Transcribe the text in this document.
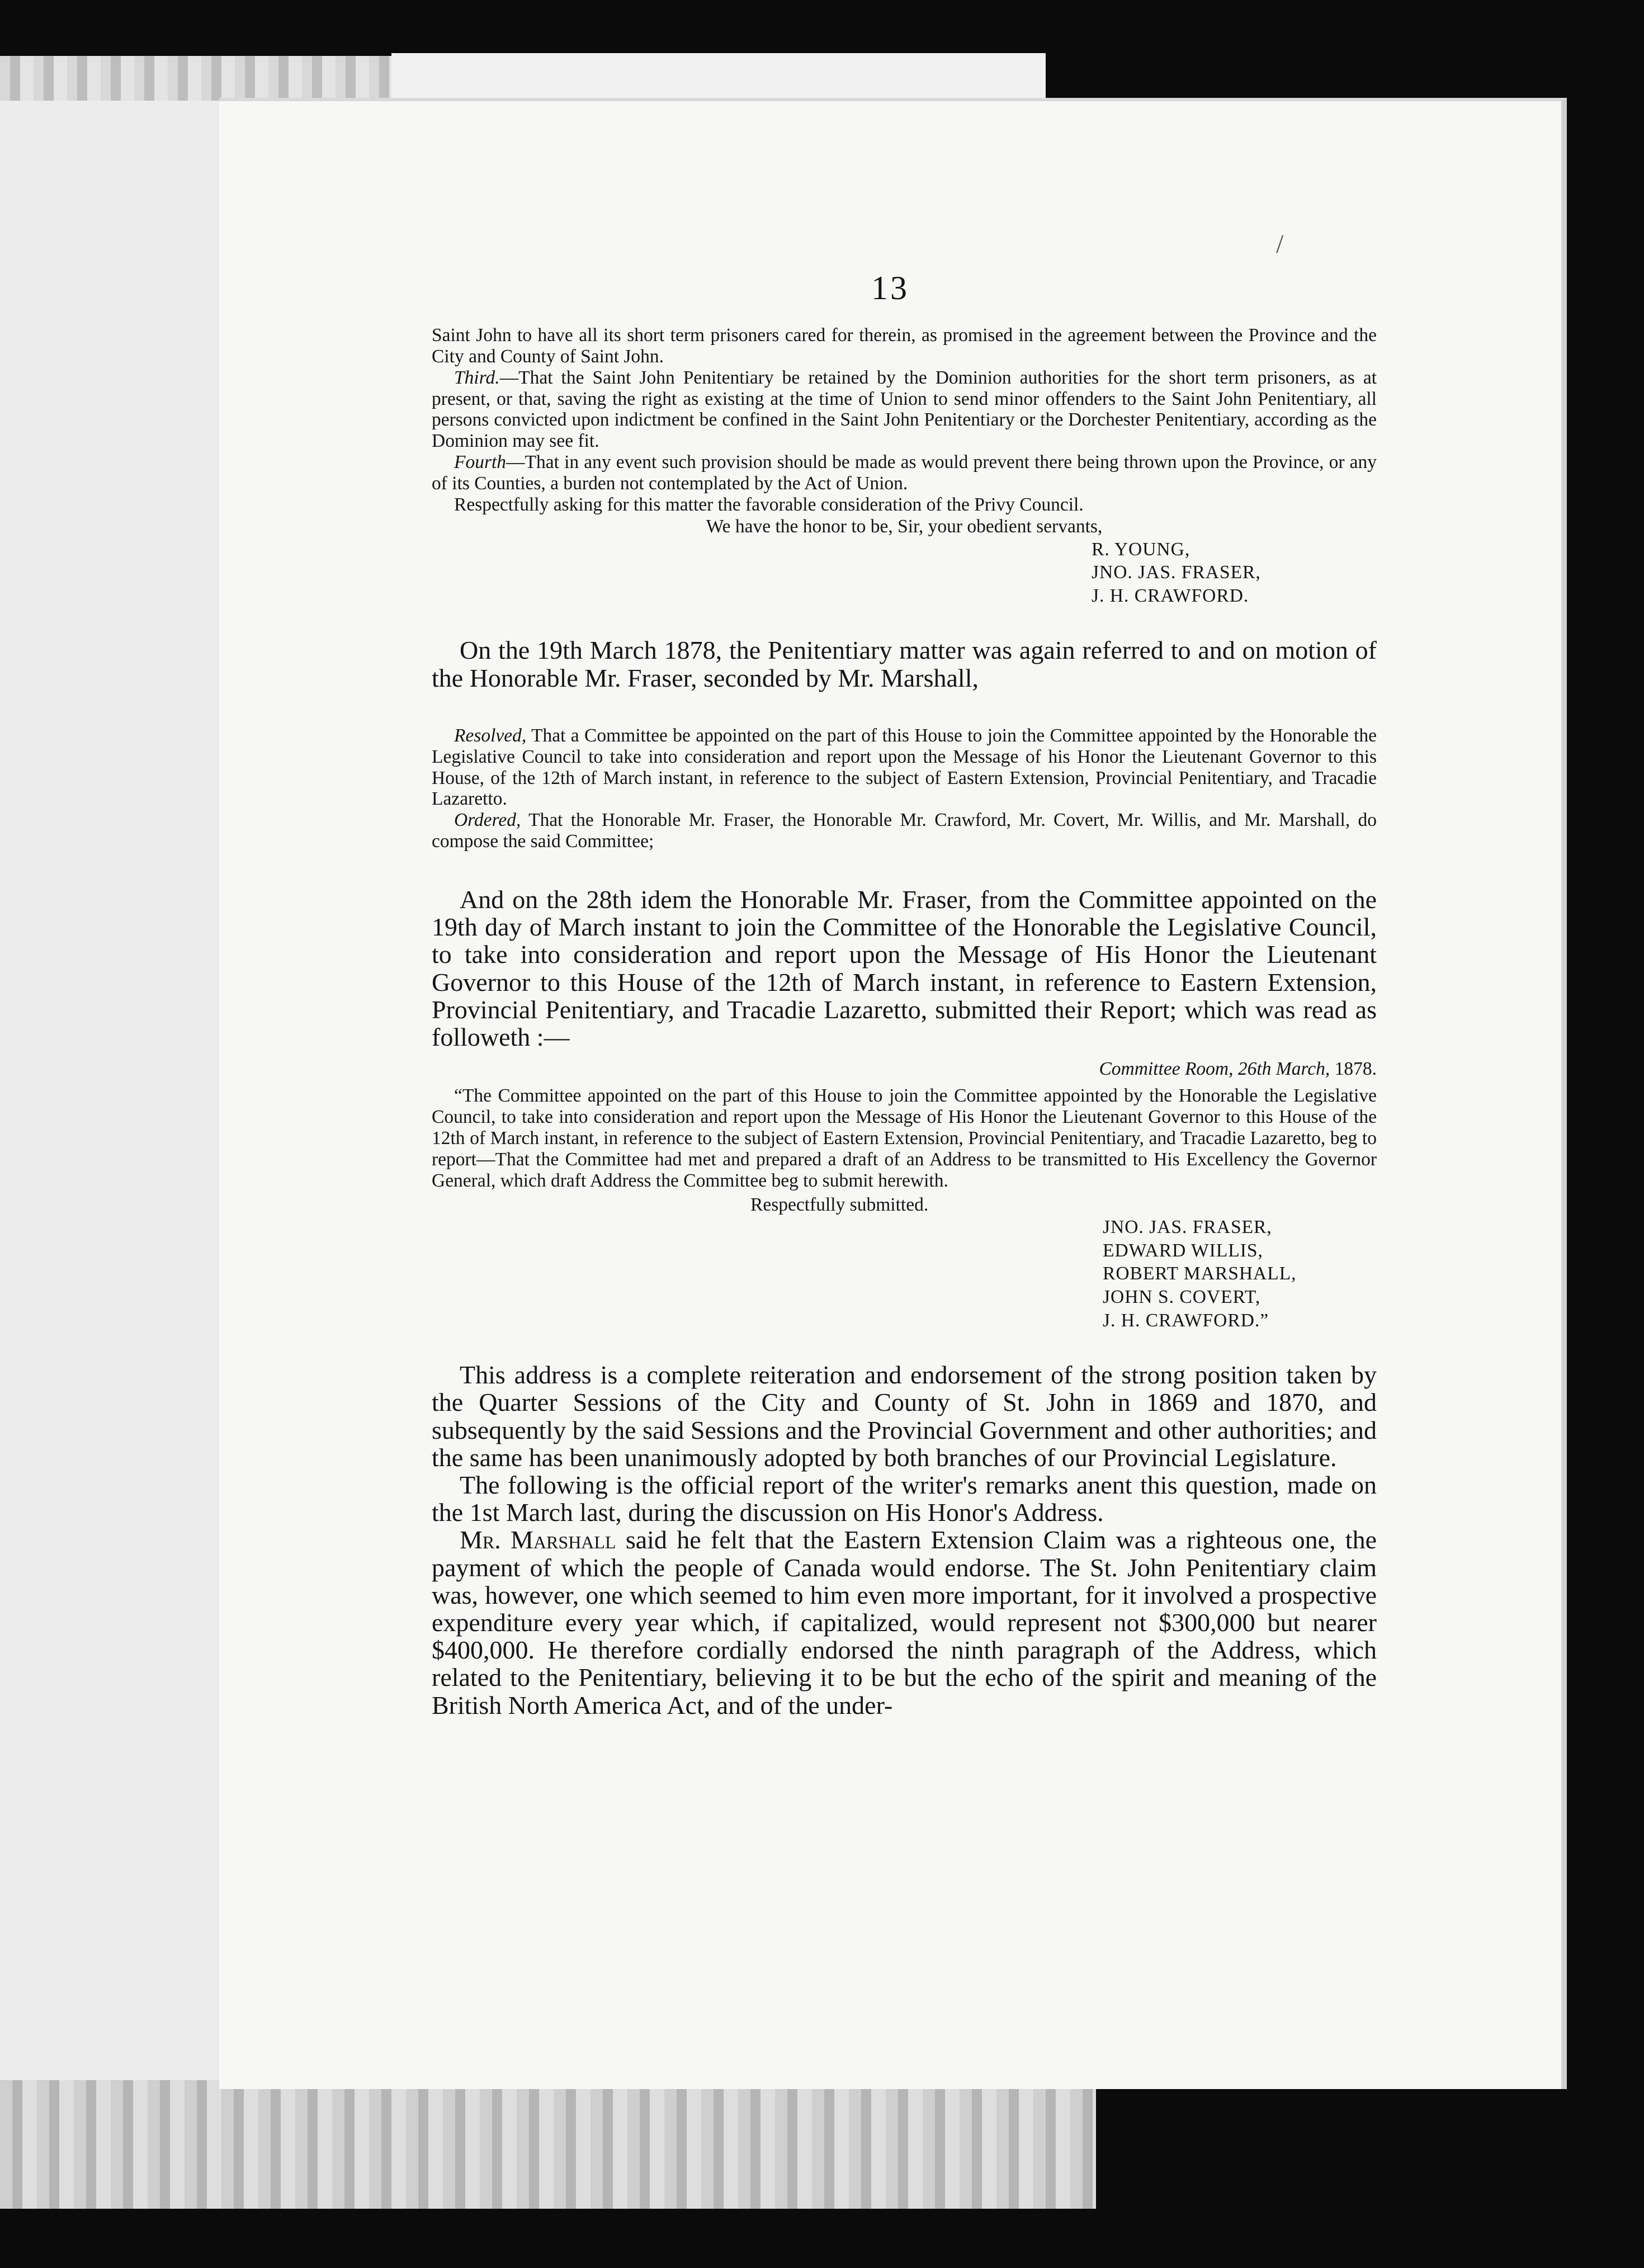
/
13

Saint John to have all its short term prisoners cared for therein, as promised in the agreement between the Province and the City and County of Saint John.

Third.—That the Saint John Penitentiary be retained by the Dominion authorities for the short term prisoners, as at present, or that, saving the right as existing at the time of Union to send minor offenders to the Saint John Penitentiary, all persons convicted upon indictment be confined in the Saint John Penitentiary or the Dorchester Penitentiary, according as the Dominion may see fit.

Fourth—That in any event such provision should be made as would prevent there being thrown upon the Province, or any of its Counties, a burden not contemplated by the Act of Union.

Respectfully asking for this matter the favorable consideration of the Privy Council.

We have the honor to be, Sir, your obedient servants,

R. YOUNG,
JNO. JAS. FRASER,
J. H. CRAWFORD.

On the 19th March 1878, the Penitentiary matter was again referred to and on motion of the Honorable Mr. Fraser, seconded by Mr. Marshall,

Resolved, That a Committee be appointed on the part of this House to join the Committee appointed by the Honorable the Legislative Council to take into consideration and report upon the Message of his Honor the Lieutenant Governor to this House, of the 12th of March instant, in reference to the subject of Eastern Extension, Provincial Penitentiary, and Tracadie Lazaretto.

Ordered, That the Honorable Mr. Fraser, the Honorable Mr. Crawford, Mr. Covert, Mr. Willis, and Mr. Marshall, do compose the said Committee;

And on the 28th idem the Honorable Mr. Fraser, from the Committee appointed on the 19th day of March instant to join the Committee of the Honorable the Legislative Council, to take into consideration and report upon the Message of His Honor the Lieutenant Governor to this House of the 12th of March instant, in reference to Eastern Extension, Provincial Penitentiary, and Tracadie Lazaretto, submitted their Report; which was read as followeth :—

Committee Room, 26th March, 1878.

“The Committee appointed on the part of this House to join the Committee appointed by the Honorable the Legislative Council, to take into consideration and report upon the Message of His Honor the Lieutenant Governor to this House of the 12th of March instant, in reference to the subject of Eastern Extension, Provincial Penitentiary, and Tracadie Lazaretto, beg to report—That the Committee had met and prepared a draft of an Address to be transmitted to His Excellency the Governor General, which draft Address the Committee beg to submit herewith.

Respectfully submitted.

JNO. JAS. FRASER,
EDWARD WILLIS,
ROBERT MARSHALL,
JOHN S. COVERT,
J. H. CRAWFORD.”

This address is a complete reiteration and endorsement of the strong position taken by the Quarter Sessions of the City and County of St. John in 1869 and 1870, and subsequently by the said Sessions and the Provincial Government and other authorities; and the same has been unanimously adopted by both branches of our Provincial Legislature.

The following is the official report of the writer's remarks anent this question, made on the 1st March last, during the discussion on His Honor's Address.

Mr. Marshall said he felt that the Eastern Extension Claim was a righteous one, the payment of which the people of Canada would endorse. The St. John Penitentiary claim was, however, one which seemed to him even more important, for it involved a prospective expenditure every year which, if capitalized, would represent not $300,000 but nearer $400,000. He therefore cordially endorsed the ninth paragraph of the Address, which related to the Penitentiary, believing it to be but the echo of the spirit and meaning of the British North America Act, and of the under-
